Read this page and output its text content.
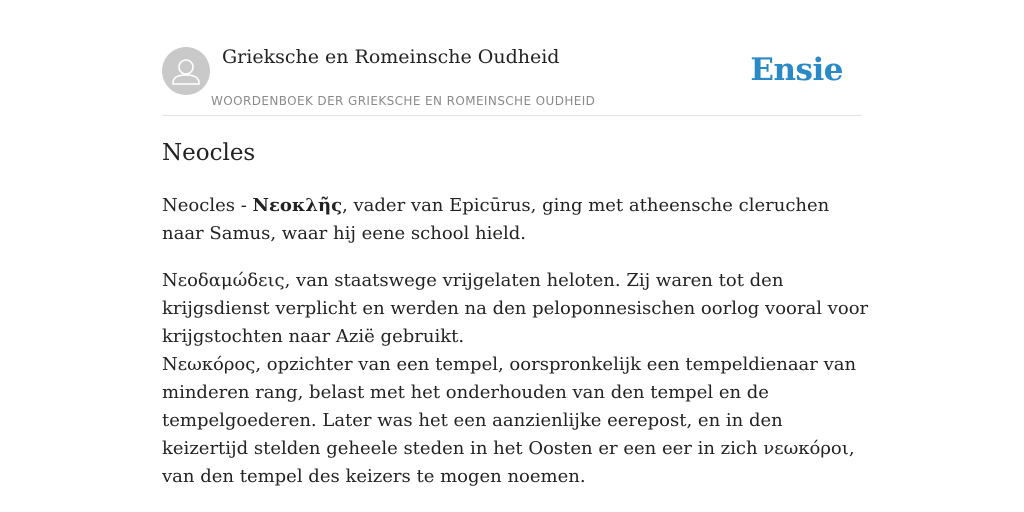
Grieksche en Romeinsche Oudheid
WOORDENBOEK DER GRIEKSCHE EN ROMEINSCHE OUDHEID
Ensie
Neocles

Neocles - Νεοκλῆς, vader van Epicūrus, ging met atheensche cleruchen naar Samus, waar hij eene school hield.

Νεοδαμώδεις, van staatswege vrijgelaten heloten. Zij waren tot den krijgsdienst verplicht en werden na den peloponnesischen oorlog vooral voor krijgstochten naar Azië gebruikt.

Νεωκόρος, opzichter van een tempel, oorspronkelijk een tempeldienaar van minderen rang, belast met het onderhouden van den tempel en de tempelgoederen. Later was het een aanzienlijke eerepost, en in den keizertijd stelden geheele steden in het Oosten er een eer in zich νεωκόροι, van den tempel des keizers te mogen noemen.
